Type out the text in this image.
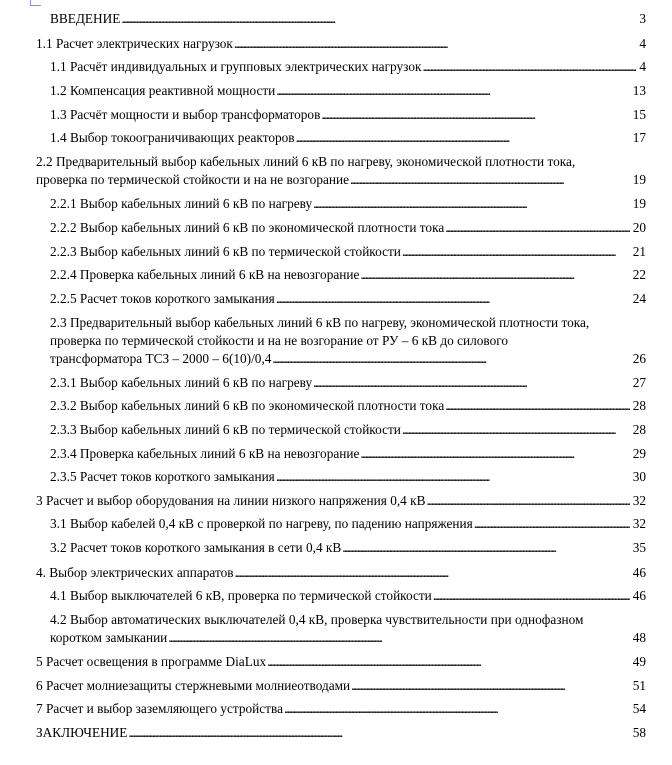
ВВЕДЕНИЕ . . .	3
1.1 Расчет электрических нагрузок . . .	4
1.1 Расчёт индивидуальных и групповых электрических нагрузок . . .	4
1.2 Компенсация реактивной мощности . . .	13
1.3 Расчёт мощности и выбор трансформаторов . . .	15
1.4 Выбор токоограничивающих реакторов . . .	17
2.2 Предварительный выбор кабельных линий 6 кВ по нагреву, экономической плотности тока,
проверка по термической стойкости и на не возгорание . . .	19
2.2.1 Выбор кабельных линий 6 кВ по нагреву . . .	19
2.2.2 Выбор кабельных линий 6 кВ по экономической плотности тока . . .	20
2.2.3 Выбор кабельных линий 6 кВ по термической стойкости . . .	21
2.2.4 Проверка кабельных линий 6 кВ на невозгорание . . .	22
2.2.5 Расчет токов короткого замыкания . . .	24
2.3 Предварительный выбор кабельных линий 6 кВ по нагреву, экономической плотности тока,
проверка по термической стойкости и на не возгорание от РУ – 6 кВ до силового
трансформатора ТСЗ – 2000 – 6(10)/0,4 . . .	26
2.3.1 Выбор кабельных линий 6 кВ по нагреву . . .	27
2.3.2 Выбор кабельных линий 6 кВ по экономической плотности тока . . .	28
2.3.3 Выбор кабельных линий 6 кВ по термической стойкости . . .	28
2.3.4 Проверка кабельных линий 6 кВ на невозгорание . . .	29
2.3.5 Расчет токов короткого замыкания . . .	30
3 Расчет и выбор оборудования на линии низкого напряжения 0,4 кВ . . .	32
3.1 Выбор кабелей 0,4 кВ с проверкой по нагреву, по падению напряжения . . .	32
3.2 Расчет токов короткого замыкания в сети 0,4 кВ . . .	35
4. Выбор электрических аппаратов . . .	46
4.1 Выбор выключателей 6 кВ, проверка по термической стойкости . . .	46
4.2 Выбор автоматических выключателей 0,4 кВ, проверка чувствительности при однофазном
коротком замыкании . . .	48
5 Расчет освещения в программе DiaLux . . .	49
6 Расчет молниезащиты стержневыми молниеотводами . . .	51
7 Расчет и выбор заземляющего устройства . . .	54
ЗАКЛЮЧЕНИЕ . . .	58
